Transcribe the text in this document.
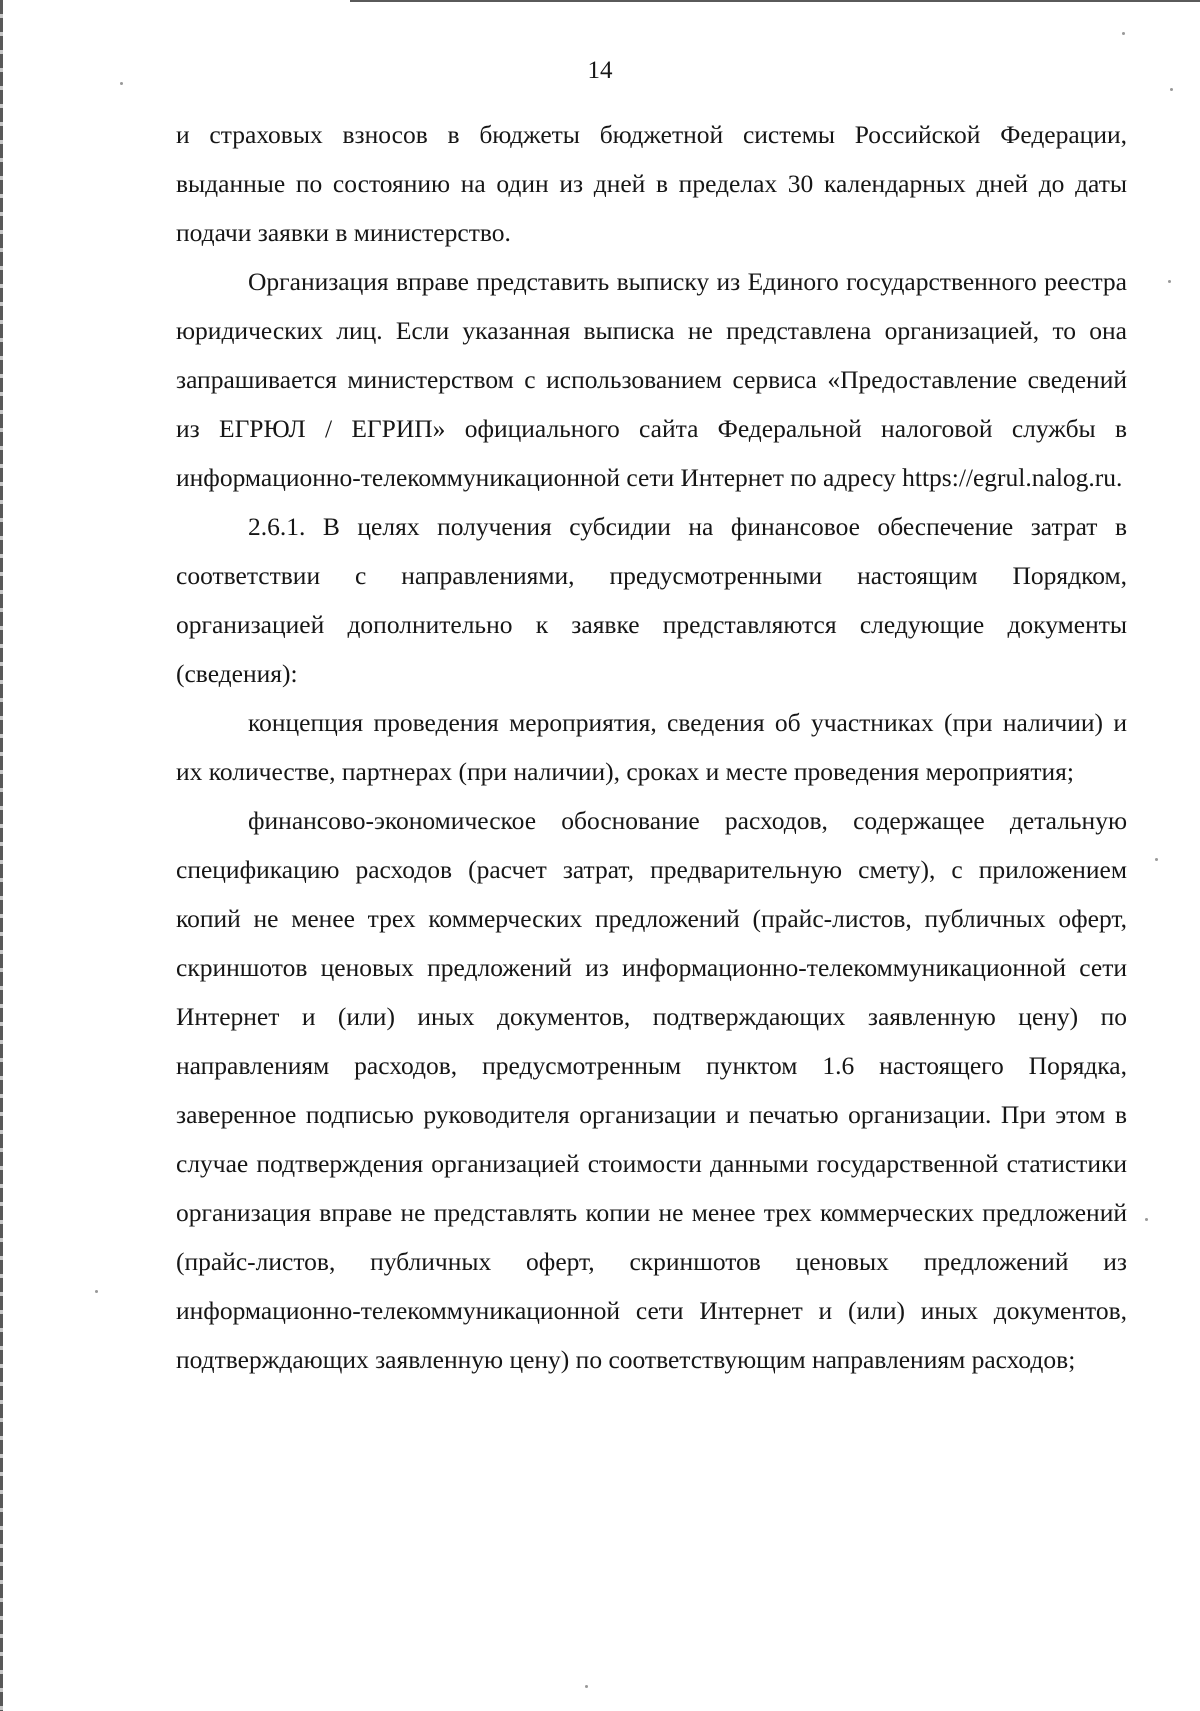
14

и страховых взносов в бюджеты бюджетной системы Российской Федерации, выданные по состоянию на один из дней в пределах 30 календарных дней до даты подачи заявки в министерство.

Организация вправе представить выписку из Единого государственного реестра юридических лиц. Если указанная выписка не представлена организацией, то она запрашивается министерством с использованием сервиса «Предоставление сведений из ЕГРЮЛ / ЕГРИП» официального сайта Федеральной налоговой службы в информационно-телекоммуникационной сети Интернет по адресу https://egrul.nalog.ru.

2.6.1. В целях получения субсидии на финансовое обеспечение затрат в соответствии с направлениями, предусмотренными настоящим Порядком, организацией дополнительно к заявке представляются следующие документы (сведения):

концепция проведения мероприятия, сведения об участниках (при наличии) и их количестве, партнерах (при наличии), сроках и месте проведения мероприятия;

финансово-экономическое обоснование расходов, содержащее детальную спецификацию расходов (расчет затрат, предварительную смету), с приложением копий не менее трех коммерческих предложений (прайс-листов, публичных оферт, скриншотов ценовых предложений из информационно-телекоммуникационной сети Интернет и (или) иных документов, подтверждающих заявленную цену) по направлениям расходов, предусмотренным пунктом 1.6 настоящего Порядка, заверенное подписью руководителя организации и печатью организации. При этом в случае подтверждения организацией стоимости данными государственной статистики организация вправе не представлять копии не менее трех коммерческих предложений (прайс-листов, публичных оферт, скриншотов ценовых предложений из информационно-телекоммуникационной сети Интернет и (или) иных документов, подтверждающих заявленную цену) по соответствующим направлениям расходов;
